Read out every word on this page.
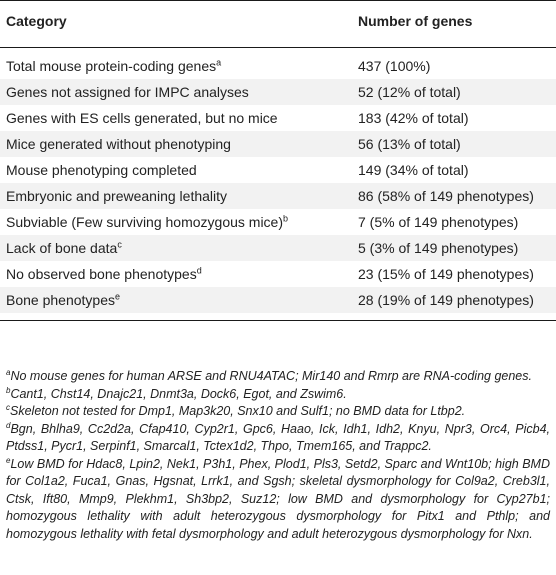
Category	Number of genes
Total mouse protein-coding genes$^a$	437 (100%)
Genes not assigned for IMPC analyses	52 (12% of total)
Genes with ES cells generated, but no mice	183 (42% of total)
Mice generated without phenotyping	56 (13% of total)
Mouse phenotyping completed	149 (34% of total)
Embryonic and preweaning lethality	86 (58% of 149 phenotypes)
Subviable (Few surviving homozygous mice)$^b$	7 (5% of 149 phenotypes)
Lack of bone data$^c$	5 (3% of 149 phenotypes)
No observed bone phenotypes$^d$	23 (15% of 149 phenotypes)
Bone phenotypes$^e$	28 (19% of 149 phenotypes)

$^a$No mouse genes for human ARSE and RNU4ATAC; Mir140 and Rmrp are RNA-coding genes.

$^b$Cant1, Chst14, Dnajc21, Dnmt3a, Dock6, Egot, and Zswim6.

$^c$Skeleton not tested for Dmp1, Map3k20, Snx10 and Sulf1; no BMD data for Ltbp2.

$^d$Bgn, Bhlha9, Cc2d2a, Cfap410, Cyp2r1, Gpc6, Haao, Ick, Idh1, Idh2, Knyu, Npr3, Orc4, Picb4, Ptdss1, Pycr1, Serpinf1, Smarcal1, Tctex1d2, Thpo, Tmem165, and Trappc2.

$^e$Low BMD for Hdac8, Lpin2, Nek1, P3h1, Phex, Plod1, Pls3, Setd2, Sparc and Wnt10b; high BMD for Col1a2, Fuca1, Gnas, Hgsnat, Lrrk1, and Sgsh; skeletal dysmorphology for Col9a2, Creb3l1, Ctsk, Ift80, Mmp9, Plekhm1, Sh3bp2, Suz12; low BMD and dysmorphology for Cyp27b1; homozygous lethality with adult heterozygous dysmorphology for Pitx1 and Pthlp; and homozygous lethality with fetal dysmorphology and adult heterozygous dysmorphology for Nxn.
